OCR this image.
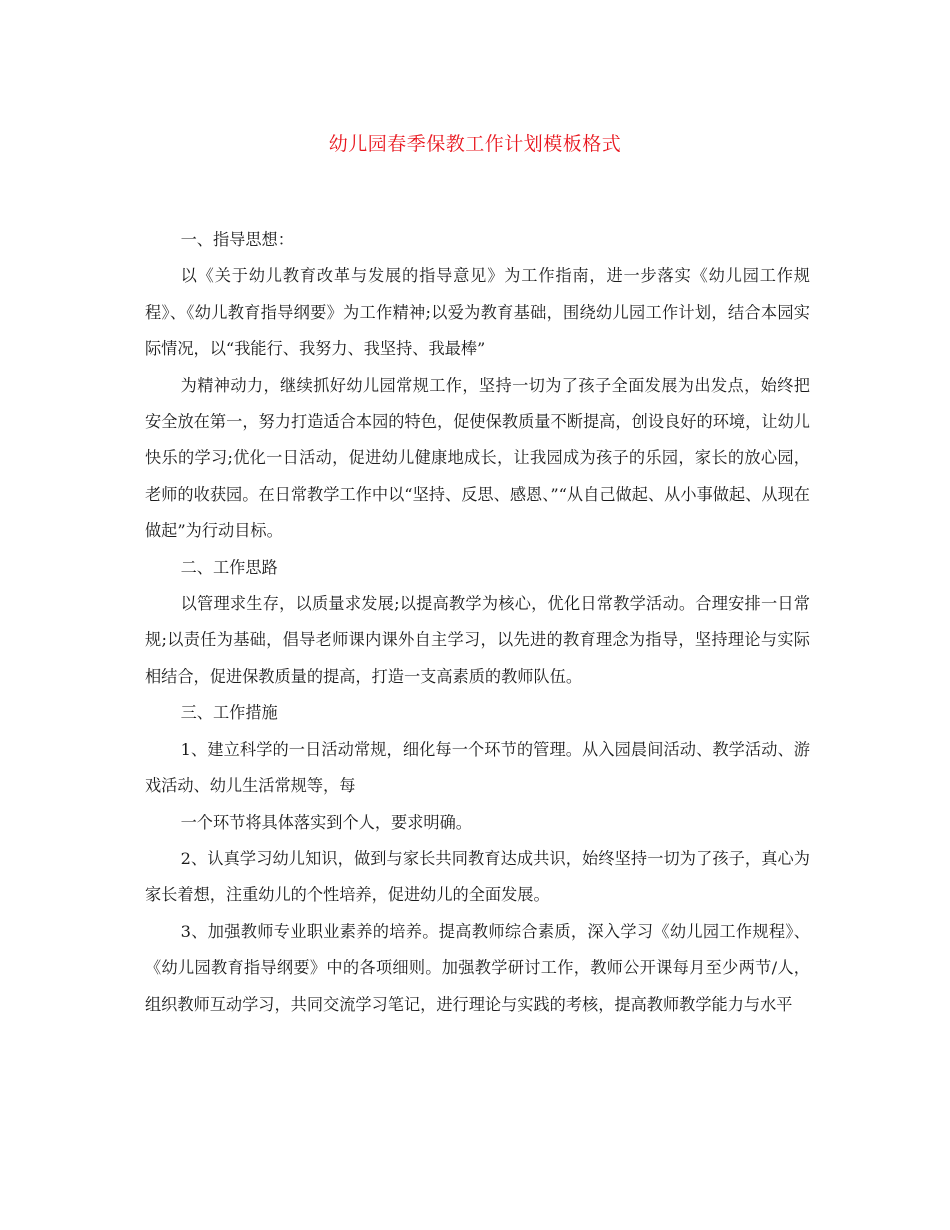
幼儿园春季保教工作计划模板格式

一、指导思想：

以《关于幼儿教育改革与发展的指导意见》为工作指南，进一步落实《幼儿园工作规程》、《幼儿教育指导纲要》为工作精神;以爱为教育基础，围绕幼儿园工作计划，结合本园实际情况，以“我能行、我努力、我坚持、我最棒”

为精神动力，继续抓好幼儿园常规工作，坚持一切为了孩子全面发展为出发点，始终把安全放在第一，努力打造适合本园的特色，促使保教质量不断提高，创设良好的环境，让幼儿快乐的学习;优化一日活动，促进幼儿健康地成长，让我园成为孩子的乐园，家长的放心园，老师的收获园。在日常教学工作中以“坚持、反思、感恩、”“从自己做起、从小事做起、从现在做起”为行动目标。

二、工作思路

以管理求生存，以质量求发展;以提高教学为核心，优化日常教学活动。合理安排一日常规;以责任为基础，倡导老师课内课外自主学习，以先进的教育理念为指导，坚持理论与实际相结合，促进保教质量的提高，打造一支高素质的教师队伍。

三、工作措施

1、建立科学的一日活动常规，细化每一个环节的管理。从入园晨间活动、教学活动、游戏活动、幼儿生活常规等，每

一个环节将具体落实到个人，要求明确。

2、认真学习幼儿知识，做到与家长共同教育达成共识，始终坚持一切为了孩子，真心为家长着想，注重幼儿的个性培养，促进幼儿的全面发展。

3、加强教师专业职业素养的培养。提高教师综合素质，深入学习《幼儿园工作规程》、《幼儿园教育指导纲要》中的各项细则。加强教学研讨工作，教师公开课每月至少两节/人，组织教师互动学习，共同交流学习笔记，进行理论与实践的考核，提高教师教学能力与水平
